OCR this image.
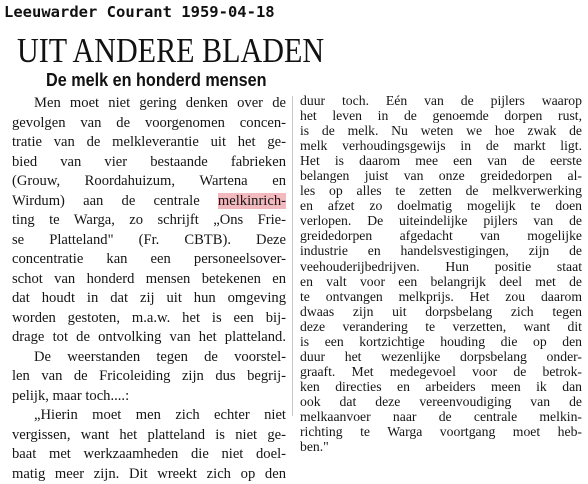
Leeuwarder Courant 1959-04-18
UIT ANDERE BLADEN
De melk en honderd mensen
Men moet niet gering denken over de
gevolgen van de voorgenomen concen-
tratie van de melkleverantie uit het ge-
bied van vier bestaande fabrieken
(Grouw, Roordahuizum, Wartena en
Wirdum) aan de centrale melkinrich-
ting te Warga, zo schrijft „Ons Frie-
se Platteland" (Fr. CBTB). Deze
concentratie kan een personeelsover-
schot van honderd mensen betekenen en
dat houdt in dat zij uit hun omgeving
worden gestoten, m.a.w. het is een bij-
drage tot de ontvolking van het platteland.
De weerstanden tegen de voorstel-
len van de Fricoleiding zijn dus begrij-
pelijk, maar toch....:
„Hierin moet men zich echter niet
vergissen, want het platteland is niet ge-
baat met werkzaamheden die niet doel-
matig meer zijn. Dit wreekt zich op den
duur toch. Eén van de pijlers waarop
het leven in de genoemde dorpen rust,
is de melk. Nu weten we hoe zwak de
melk verhoudingsgewijs in de markt ligt.
Het is daarom mee een van de eerste
belangen juist van onze greidedorpen al-
les op alles te zetten de melkverwerking
en afzet zo doelmatig mogelijk te doen
verlopen. De uiteindelijke pijlers van de
greidedorpen afgedacht van mogelijke
industrie en handelsvestigingen, zijn de
veehouderijbedrijven. Hun positie staat
en valt voor een belangrijk deel met de
te ontvangen melkprijs. Het zou daarom
dwaas zijn uit dorpsbelang zich tegen
deze verandering te verzetten, want dit
is een kortzichtige houding die op den
duur het wezenlijke dorpsbelang onder-
graaft. Met medegevoel voor de betrok-
ken directies en arbeiders meen ik dan
ook dat deze vereenvoudiging van de
melkaanvoer naar de centrale melkin-
richting te Warga voortgang moet heb-
ben."
